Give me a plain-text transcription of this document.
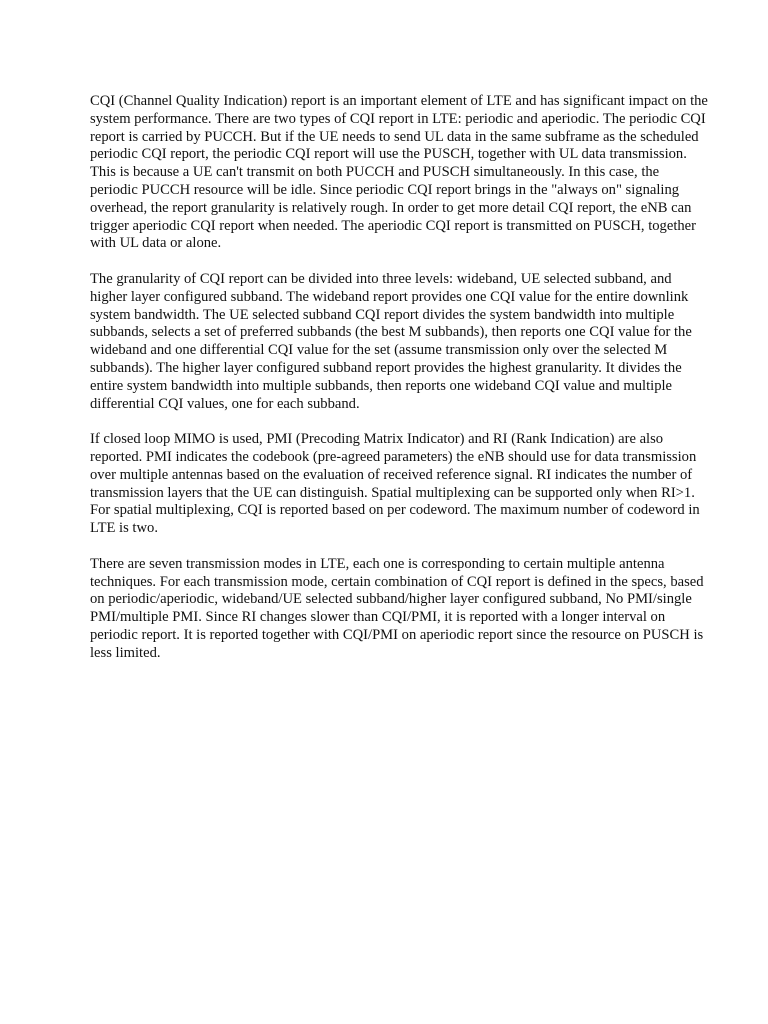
CQI (Channel Quality Indication) report is an important element of LTE and has significant impact on the system performance. There are two types of CQI report in LTE: periodic and aperiodic. The periodic CQI report is carried by PUCCH. But if the UE needs to send UL data in the same subframe as the scheduled periodic CQI report, the periodic CQI report will use the PUSCH, together with UL data transmission. This is because a UE can't transmit on both PUCCH and PUSCH simultaneously. In this case, the periodic PUCCH resource will be idle. Since periodic CQI report brings in the "always on" signaling overhead, the report granularity is relatively rough. In order to get more detail CQI report, the eNB can trigger aperiodic CQI report when needed. The aperiodic CQI report is transmitted on PUSCH, together with UL data or alone.

The granularity of CQI report can be divided into three levels: wideband, UE selected subband, and higher layer configured subband. The wideband report provides one CQI value for the entire downlink system bandwidth. The UE selected subband CQI report divides the system bandwidth into multiple subbands, selects a set of preferred subbands (the best M subbands), then reports one CQI value for the wideband and one differential CQI value for the set (assume transmission only over the selected M subbands). The higher layer configured subband report provides the highest granularity. It divides the entire system bandwidth into multiple subbands, then reports one wideband CQI value and multiple differential CQI values, one for each subband.

If closed loop MIMO is used, PMI (Precoding Matrix Indicator) and RI (Rank Indication) are also reported. PMI indicates the codebook (pre-agreed parameters) the eNB should use for data transmission over multiple antennas based on the evaluation of received reference signal. RI indicates the number of transmission layers that the UE can distinguish. Spatial multiplexing can be supported only when RI>1. For spatial multiplexing, CQI is reported based on per codeword. The maximum number of codeword in LTE is two.

There are seven transmission modes in LTE, each one is corresponding to certain multiple antenna techniques. For each transmission mode, certain combination of CQI report is defined in the specs, based on periodic/aperiodic, wideband/UE selected subband/higher layer configured subband, No PMI/single PMI/multiple PMI. Since RI changes slower than CQI/PMI, it is reported with a longer interval on periodic report. It is reported together with CQI/PMI on aperiodic report since the resource on PUSCH is less limited.
